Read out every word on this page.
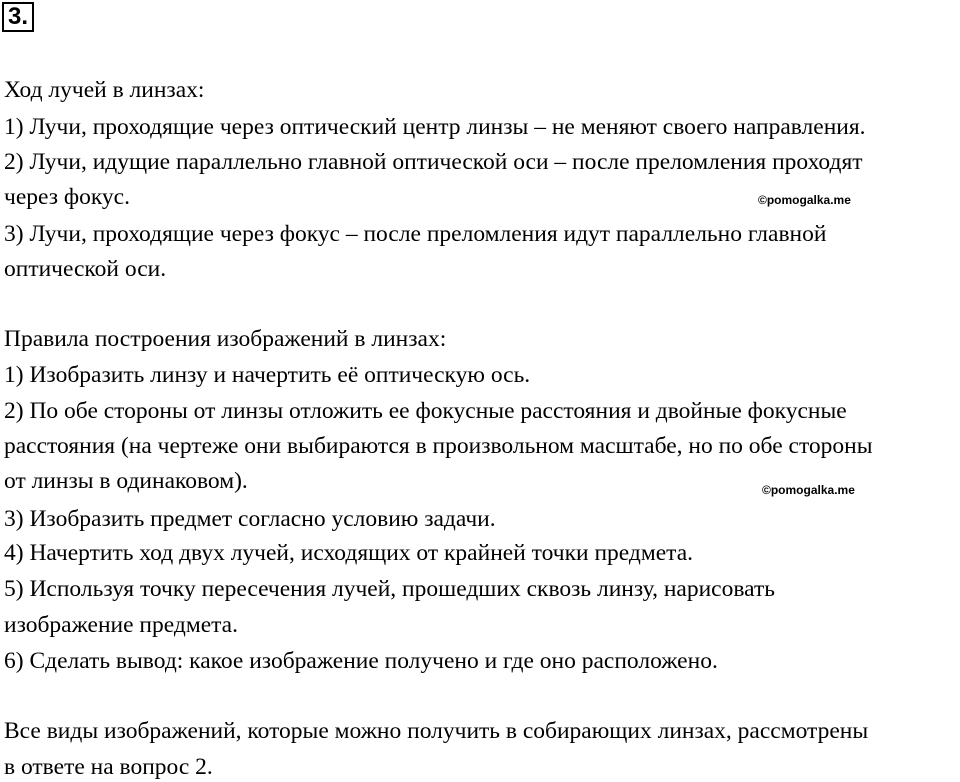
3.
Ход лучей в линзах:
1) Лучи, проходящие через оптический центр линзы – не меняют своего направления.
2) Лучи, идущие параллельно главной оптической оси – после преломления проходят
через фокус.	©pomogalka.me
3) Лучи, проходящие через фокус – после преломления идут параллельно главной
оптической оси.
Правила построения изображений в линзах:
1) Изобразить линзу и начертить её оптическую ось.
2) По обе стороны от линзы отложить ее фокусные расстояния и двойные фокусные
расстояния (на чертеже они выбираются в произвольном масштабе, но по обе стороны
от линзы в одинаковом).	©pomogalka.me
3) Изобразить предмет согласно условию задачи.
4) Начертить ход двух лучей, исходящих от крайней точки предмета.
5) Используя точку пересечения лучей, прошедших сквозь линзу, нарисовать
изображение предмета.
6) Сделать вывод: какое изображение получено и где оно расположено.
Все виды изображений, которые можно получить в собирающих линзах, рассмотрены
в ответе на вопрос 2.
